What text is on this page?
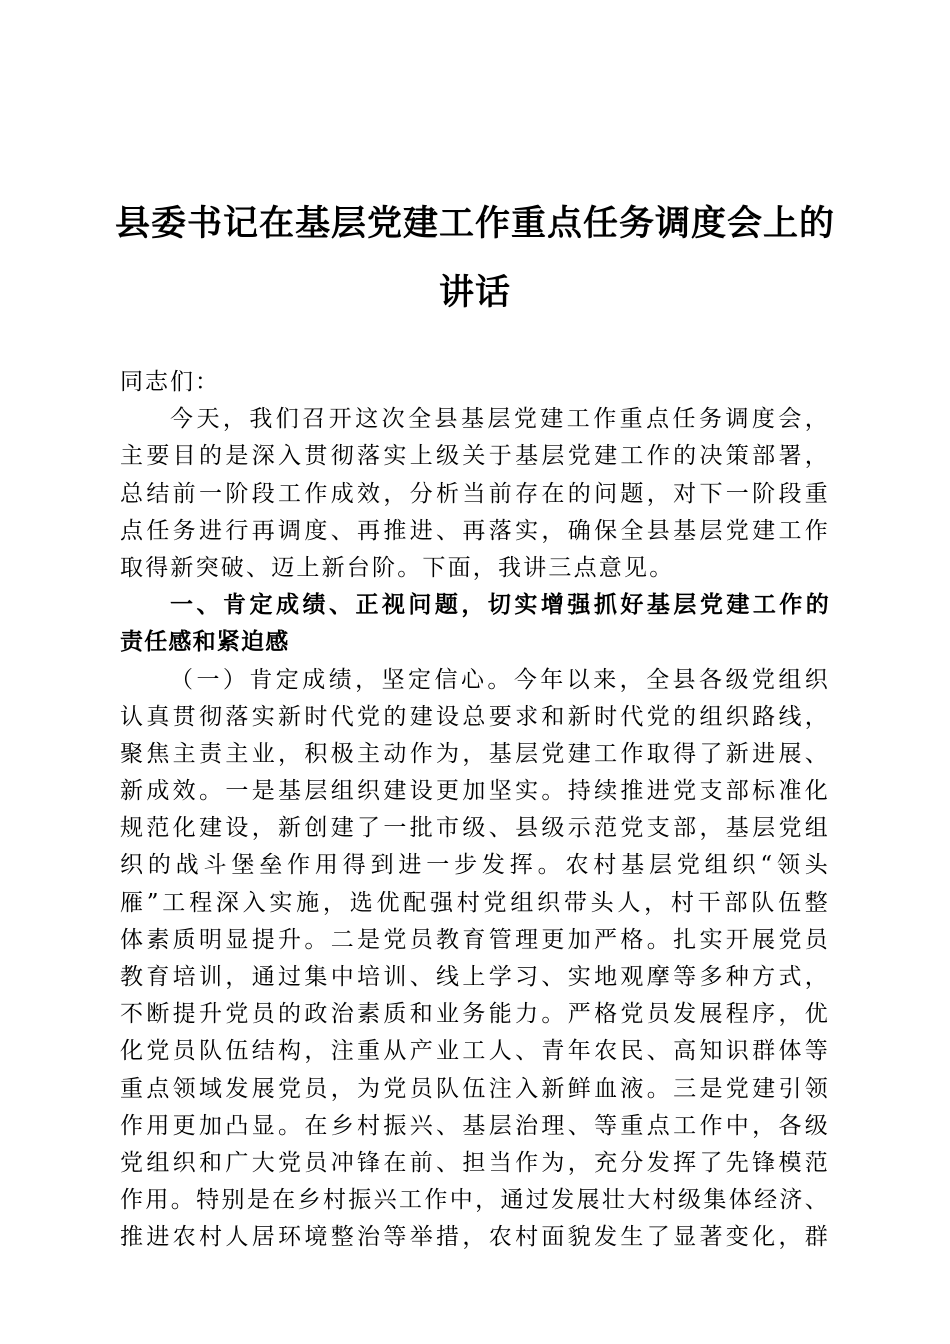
县委书记在基层党建工作重点任务调度会上的
讲话
同志们：
今天，我们召开这次全县基层党建工作重点任务调度会，
主要目的是深入贯彻落实上级关于基层党建工作的决策部署，
总结前一阶段工作成效，分析当前存在的问题，对下一阶段重
点任务进行再调度、再推进、再落实，确保全县基层党建工作
取得新突破、迈上新台阶。下面，我讲三点意见。
一、肯定成绩、正视问题，切实增强抓好基层党建工作的
责任感和紧迫感
（一）肯定成绩，坚定信心。今年以来，全县各级党组织
认真贯彻落实新时代党的建设总要求和新时代党的组织路线，
聚焦主责主业，积极主动作为，基层党建工作取得了新进展、
新成效。一是基层组织建设更加坚实。持续推进党支部标准化
规范化建设，新创建了一批市级、县级示范党支部，基层党组
织的战斗堡垒作用得到进一步发挥。农村基层党组织“领头
雁”工程深入实施，选优配强村党组织带头人，村干部队伍整
体素质明显提升。二是党员教育管理更加严格。扎实开展党员
教育培训，通过集中培训、线上学习、实地观摩等多种方式，
不断提升党员的政治素质和业务能力。严格党员发展程序，优
化党员队伍结构，注重从产业工人、青年农民、高知识群体等
重点领域发展党员，为党员队伍注入新鲜血液。三是党建引领
作用更加凸显。在乡村振兴、基层治理、等重点工作中，各级
党组织和广大党员冲锋在前、担当作为，充分发挥了先锋模范
作用。特别是在乡村振兴工作中，通过发展壮大村级集体经济、
推进农村人居环境整治等举措，农村面貌发生了显著变化，群
